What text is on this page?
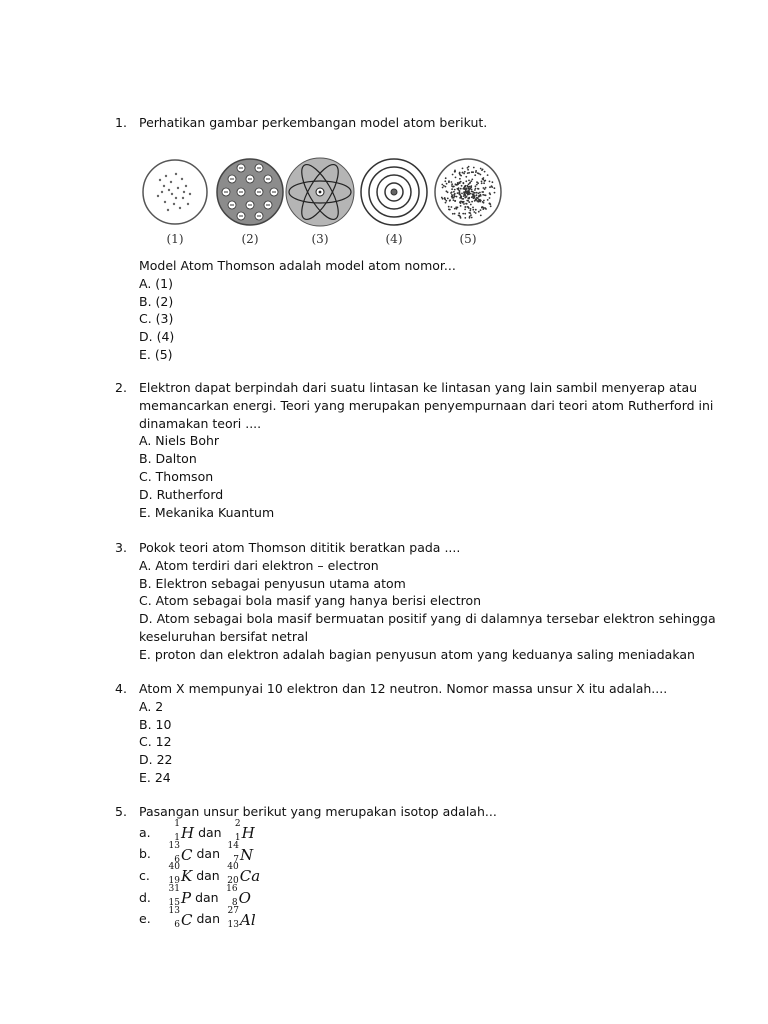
1. Perhatikan gambar perkembangan model atom berikut.
(1)	(2)	(3)	(4)	(5)
Model Atom Thomson adalah model atom nomor...
A. (1)
B. (2)
C. (3)
D. (4)
E. (5)
2. Elektron dapat berpindah dari suatu lintasan ke lintasan yang lain sambil menyerap atau
memancarkan energi. Teori yang merupakan penyempurnaan dari teori atom Rutherford ini
dinamakan teori ....
A. Niels Bohr
B. Dalton
C. Thomson
D. Rutherford
E. Mekanika Kuantum
3. Pokok teori atom Thomson dititik beratkan pada ....
A. Atom terdiri dari elektron – electron
B. Elektron sebagai penyusun utama atom
C. Atom sebagai bola masif yang hanya berisi electron
D. Atom sebagai bola masif bermuatan positif yang di dalamnya tersebar elektron sehingga
keseluruhan bersifat netral
E. proton dan elektron adalah bagian penyusun atom yang keduanya saling meniadakan
4. Atom X mempunyai 10 elektron dan 12 neutron. Nomor massa unsur X itu adalah....
A. 2
B. 10
C. 12
D. 22
E. 24
5. Pasangan unsur berikut yang merupakan isotop adalah...
a.
1
1 H dan
2
1 H
b.
13
6 C dan
14
7 N
c.
40
19 K dan
40
20 Ca
d.
31
15 P dan
16
8 O
e.
13
6 C dan
27
13 Al
